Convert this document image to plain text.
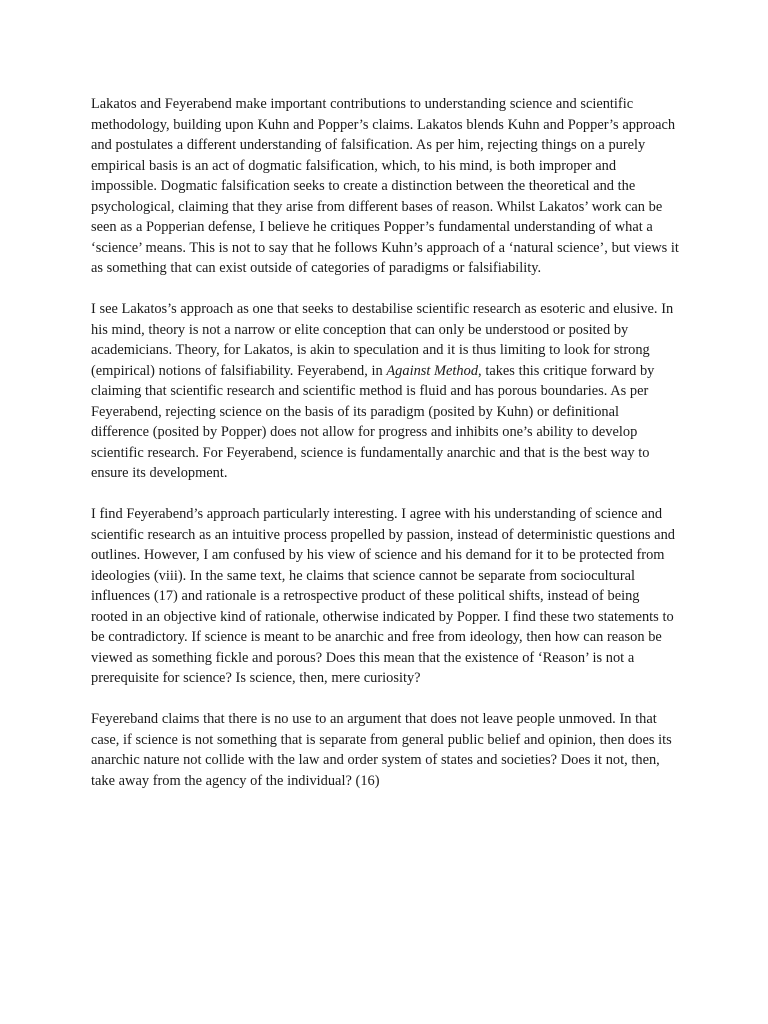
Lakatos and Feyerabend make important contributions to understanding science and scientific methodology, building upon Kuhn and Popper’s claims. Lakatos blends Kuhn and Popper’s approach and postulates a different understanding of falsification. As per him, rejecting things on a purely empirical basis is an act of dogmatic falsification, which, to his mind, is both improper and impossible. Dogmatic falsification seeks to create a distinction between the theoretical and the psychological, claiming that they arise from different bases of reason. Whilst Lakatos’ work can be seen as a Popperian defense, I believe he critiques Popper’s fundamental understanding of what a ‘science’ means. This is not to say that he follows Kuhn’s approach of a ‘natural science’, but views it as something that can exist outside of categories of paradigms or falsifiability.

I see Lakatos’s approach as one that seeks to destabilise scientific research as esoteric and elusive. In his mind, theory is not a narrow or elite conception that can only be understood or posited by academicians. Theory, for Lakatos, is akin to speculation and it is thus limiting to look for strong (empirical) notions of falsifiability. Feyerabend, in Against Method, takes this critique forward by claiming that scientific research and scientific method is fluid and has porous boundaries. As per Feyerabend, rejecting science on the basis of its paradigm (posited by Kuhn) or definitional difference (posited by Popper) does not allow for progress and inhibits one’s ability to develop scientific research. For Feyerabend, science is fundamentally anarchic and that is the best way to ensure its development.

I find Feyerabend’s approach particularly interesting. I agree with his understanding of science and scientific research as an intuitive process propelled by passion, instead of deterministic questions and outlines. However, I am confused by his view of science and his demand for it to be protected from ideologies (viii). In the same text, he claims that science cannot be separate from sociocultural influences (17) and rationale is a retrospective product of these political shifts, instead of being rooted in an objective kind of rationale, otherwise indicated by Popper. I find these two statements to be contradictory. If science is meant to be anarchic and free from ideology, then how can reason be viewed as something fickle and porous? Does this mean that the existence of ‘Reason’ is not a prerequisite for science? Is science, then, mere curiosity?

Feyereband claims that there is no use to an argument that does not leave people unmoved. In that case, if science is not something that is separate from general public belief and opinion, then does its anarchic nature not collide with the law and order system of states and societies? Does it not, then, take away from the agency of the individual? (16)
